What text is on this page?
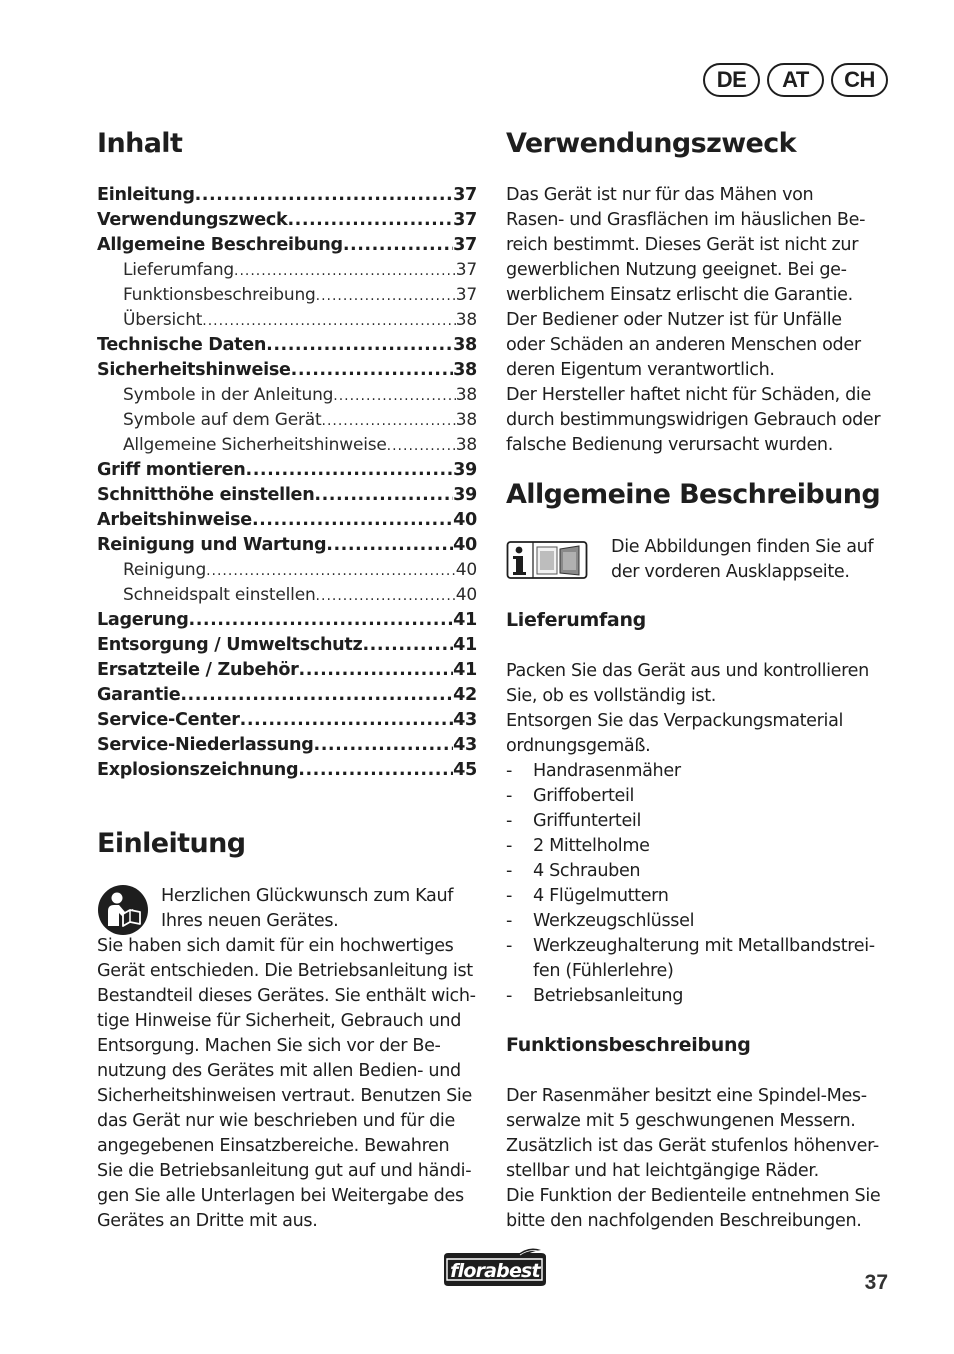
DE	AT	CH
Inhalt
Einleitung .....	37
Verwendungszweck .....	37
Allgemeine Beschreibung .....	37
Lieferumfang .....	37
Funktionsbeschreibung .....	37
Übersicht .....	38
Technische Daten .....	38
Sicherheitshinweise .....	38
Symbole in der Anleitung .....	38
Symbole auf dem Gerät .....	38
Allgemeine Sicherheitshinweise .....	38
Griff montieren .....	39
Schnitthöhe einstellen .....	39
Arbeitshinweise .....	40
Reinigung und Wartung .....	40
Reinigung .....	40
Schneidspalt einstellen .....	40
Lagerung .....	41
Entsorgung / Umweltschutz .....	41
Ersatzteile / Zubehör .....	41
Garantie .....	42
Service-Center .....	43
Service-Niederlassung .....	43
Explosionszeichnung .....	45
Einleitung
Herzlichen Glückwunsch zum Kauf
Ihres neuen Gerätes.
Sie haben sich damit für ein hochwertiges
Gerät entschieden. Die Betriebsanleitung ist
Bestandteil dieses Gerätes. Sie enthält wich-
tige Hinweise für Sicherheit, Gebrauch und
Entsorgung. Machen Sie sich vor der Be-
nutzung des Gerätes mit allen Bedien- und
Sicherheitshinweisen vertraut. Benutzen Sie
das Gerät nur wie beschrieben und für die
angegebenen Einsatzbereiche. Bewahren
Sie die Betriebsanleitung gut auf und händi-
gen Sie alle Unterlagen bei Weitergabe des
Gerätes an Dritte mit aus.
Verwendungszweck
Das Gerät ist nur für das Mähen von
Rasen- und Grasflächen im häuslichen Be-
reich bestimmt. Dieses Gerät ist nicht zur
gewerblichen Nutzung geeignet. Bei ge-
werblichem Einsatz erlischt die Garantie.
Der Bediener oder Nutzer ist für Unfälle
oder Schäden an anderen Menschen oder
deren Eigentum verantwortlich.
Der Hersteller haftet nicht für Schäden, die
durch bestimmungswidrigen Gebrauch oder
falsche Bedienung verursacht wurden.
Allgemeine Beschreibung
Die Abbildungen finden Sie auf
der vorderen Ausklappseite.
Lieferumfang
Packen Sie das Gerät aus und kontrollieren
Sie, ob es vollständig ist.
Entsorgen Sie das Verpackungsmaterial
ordnungsgemäß.
- Handrasenmäher
- Griffoberteil
- Griffunterteil
- 2 Mittelholme
- 4 Schrauben
- 4 Flügelmuttern
- Werkzeugschlüssel
- Werkzeughalterung mit Metallbandstrei-
fen (Fühlerlehre)
- Betriebsanleitung
Funktionsbeschreibung
Der Rasenmäher besitzt eine Spindel-Mes-
serwalze mit 5 geschwungenen Messern.
Zusätzlich ist das Gerät stufenlos höhenver-
stellbar und hat leichtgängige Räder.
Die Funktion der Bedienteile entnehmen Sie
bitte den nachfolgenden Beschreibungen.
florabest	37
